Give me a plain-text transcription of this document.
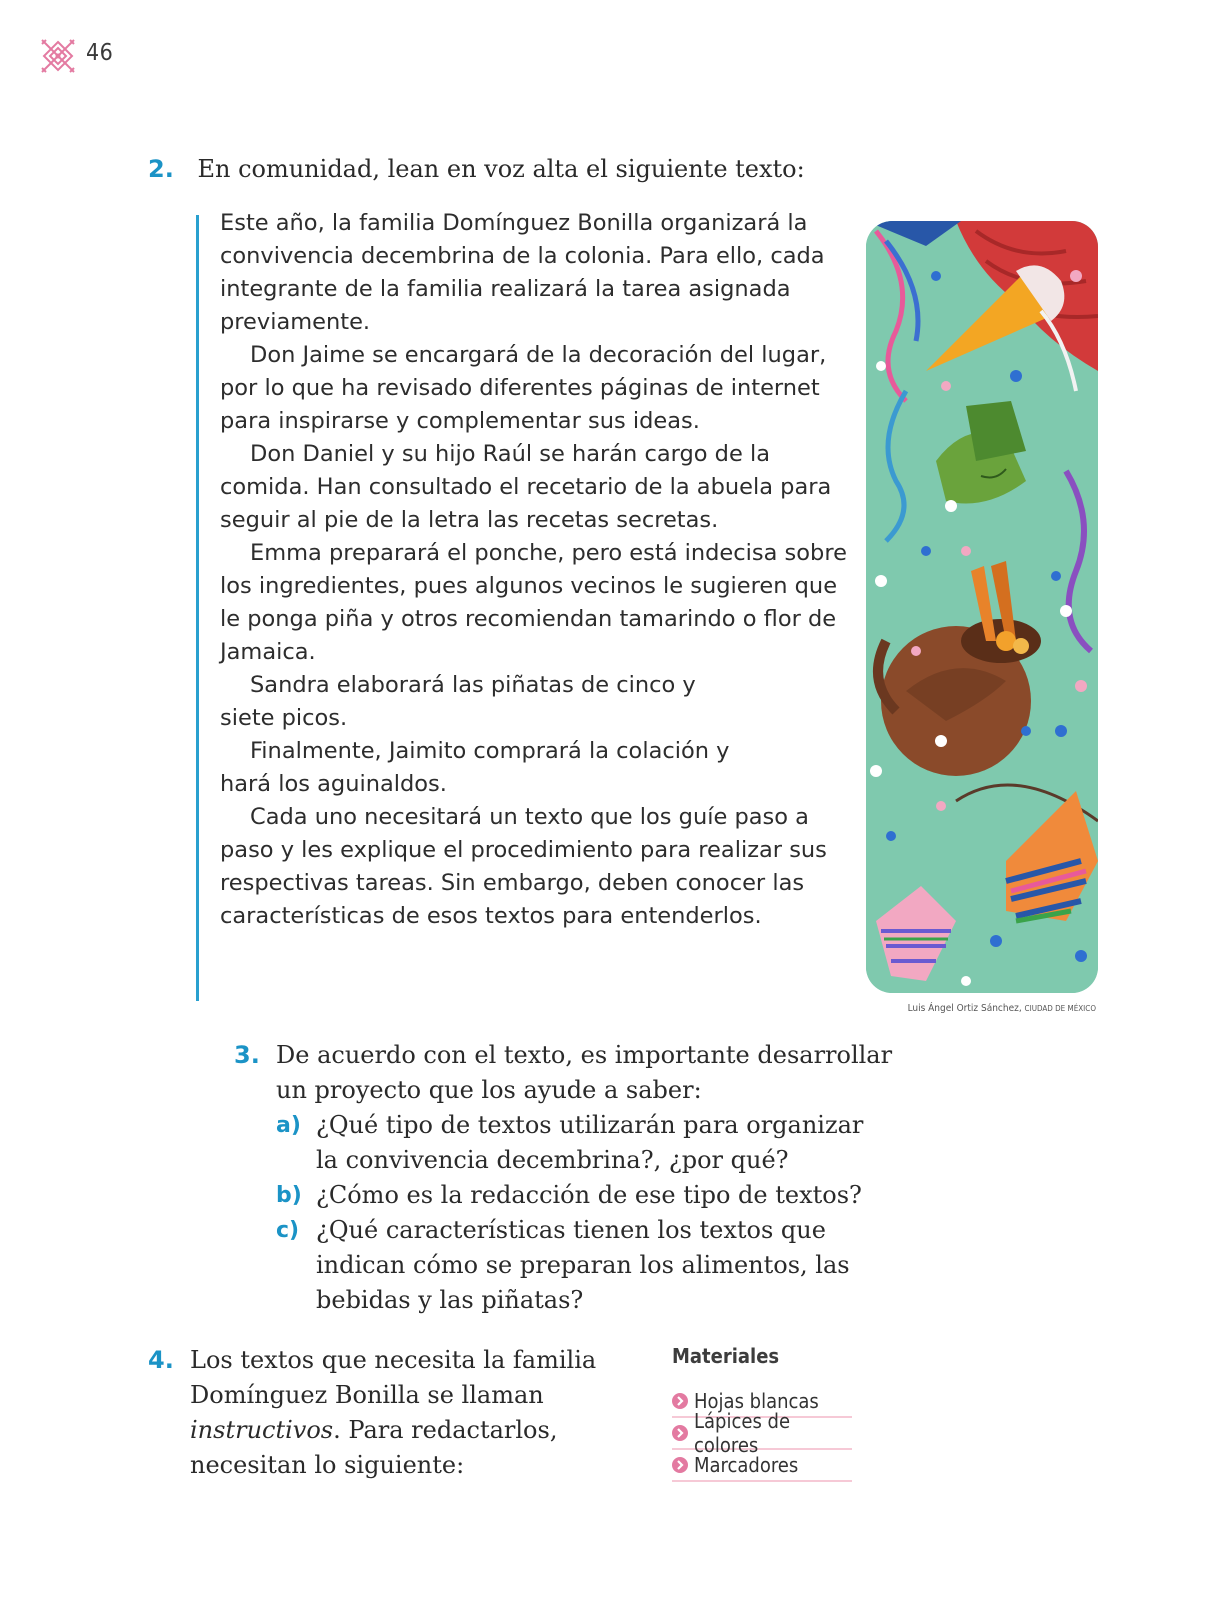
46
2. En comunidad, lean en voz alta el siguiente texto:

Este año, la familia Domínguez Bonilla organizará la convivencia decembrina de la colonia. Para ello, cada integrante de la familia realizará la tarea asignada previamente.

Don Jaime se encargará de la decoración del lugar, por lo que ha revisado diferentes páginas de internet para inspirarse y complementar sus ideas.

Don Daniel y su hijo Raúl se harán cargo de la comida. Han consultado el recetario de la abuela para seguir al pie de la letra las recetas secretas.

Emma preparará el ponche, pero está indecisa sobre los ingredientes, pues algunos vecinos le sugieren que le ponga piña y otros recomiendan tamarindo o flor de Jamaica.

Sandra elaborará las piñatas de cinco y siete picos.

Finalmente, Jaimito comprará la colación y hará los aguinaldos.

Cada uno necesitará un texto que los guíe paso a paso y les explique el procedimiento para realizar sus respectivas tareas. Sin embargo, deben conocer las características de esos textos para entenderlos.

Luis Ángel Ortiz Sánchez, CIUDAD DE MÉXICO
3. De acuerdo con el texto, es importante desarrollar un proyecto que los ayude a saber:
a) ¿Qué tipo de textos utilizarán para organizar la convivencia decembrina?, ¿por qué?
b) ¿Cómo es la redacción de ese tipo de textos?
c) ¿Qué características tienen los textos que indican cómo se preparan los alimentos, las bebidas y las piñatas?
4. Los textos que necesita la familia Domínguez Bonilla se llaman instructivos. Para redactarlos, necesitan lo siguiente:
Materiales
Hojas blancas
Lápices de colores
Marcadores
